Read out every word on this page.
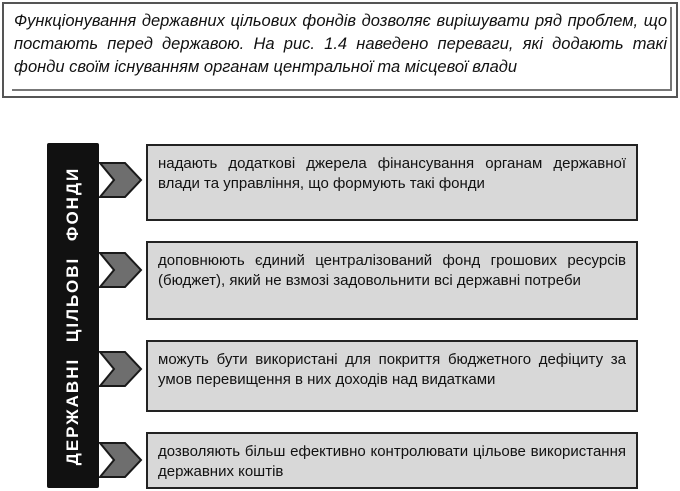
Функціонування державних цільових фондів дозволяє вирішувати ряд проблем, що постають перед державою. На рис. 1.4 наведено переваги, які додають такі фонди своїм існуванням органам центральної та місцевої влади
ДЕРЖАВНІ ЦІЛЬОВІ ФОНДИ
надають додаткові джерела фінансування органам державної влади та управління, що формують такі фонди
доповнюють єдиний централізований фонд грошових ресурсів (бюджет), який не взмозі задовольнити всі державні потреби
можуть бути використані для покриття бюджетного дефіциту за умов перевищення в них доходів над видатками
дозволяють більш ефективно контролювати цільове використання державних коштів
